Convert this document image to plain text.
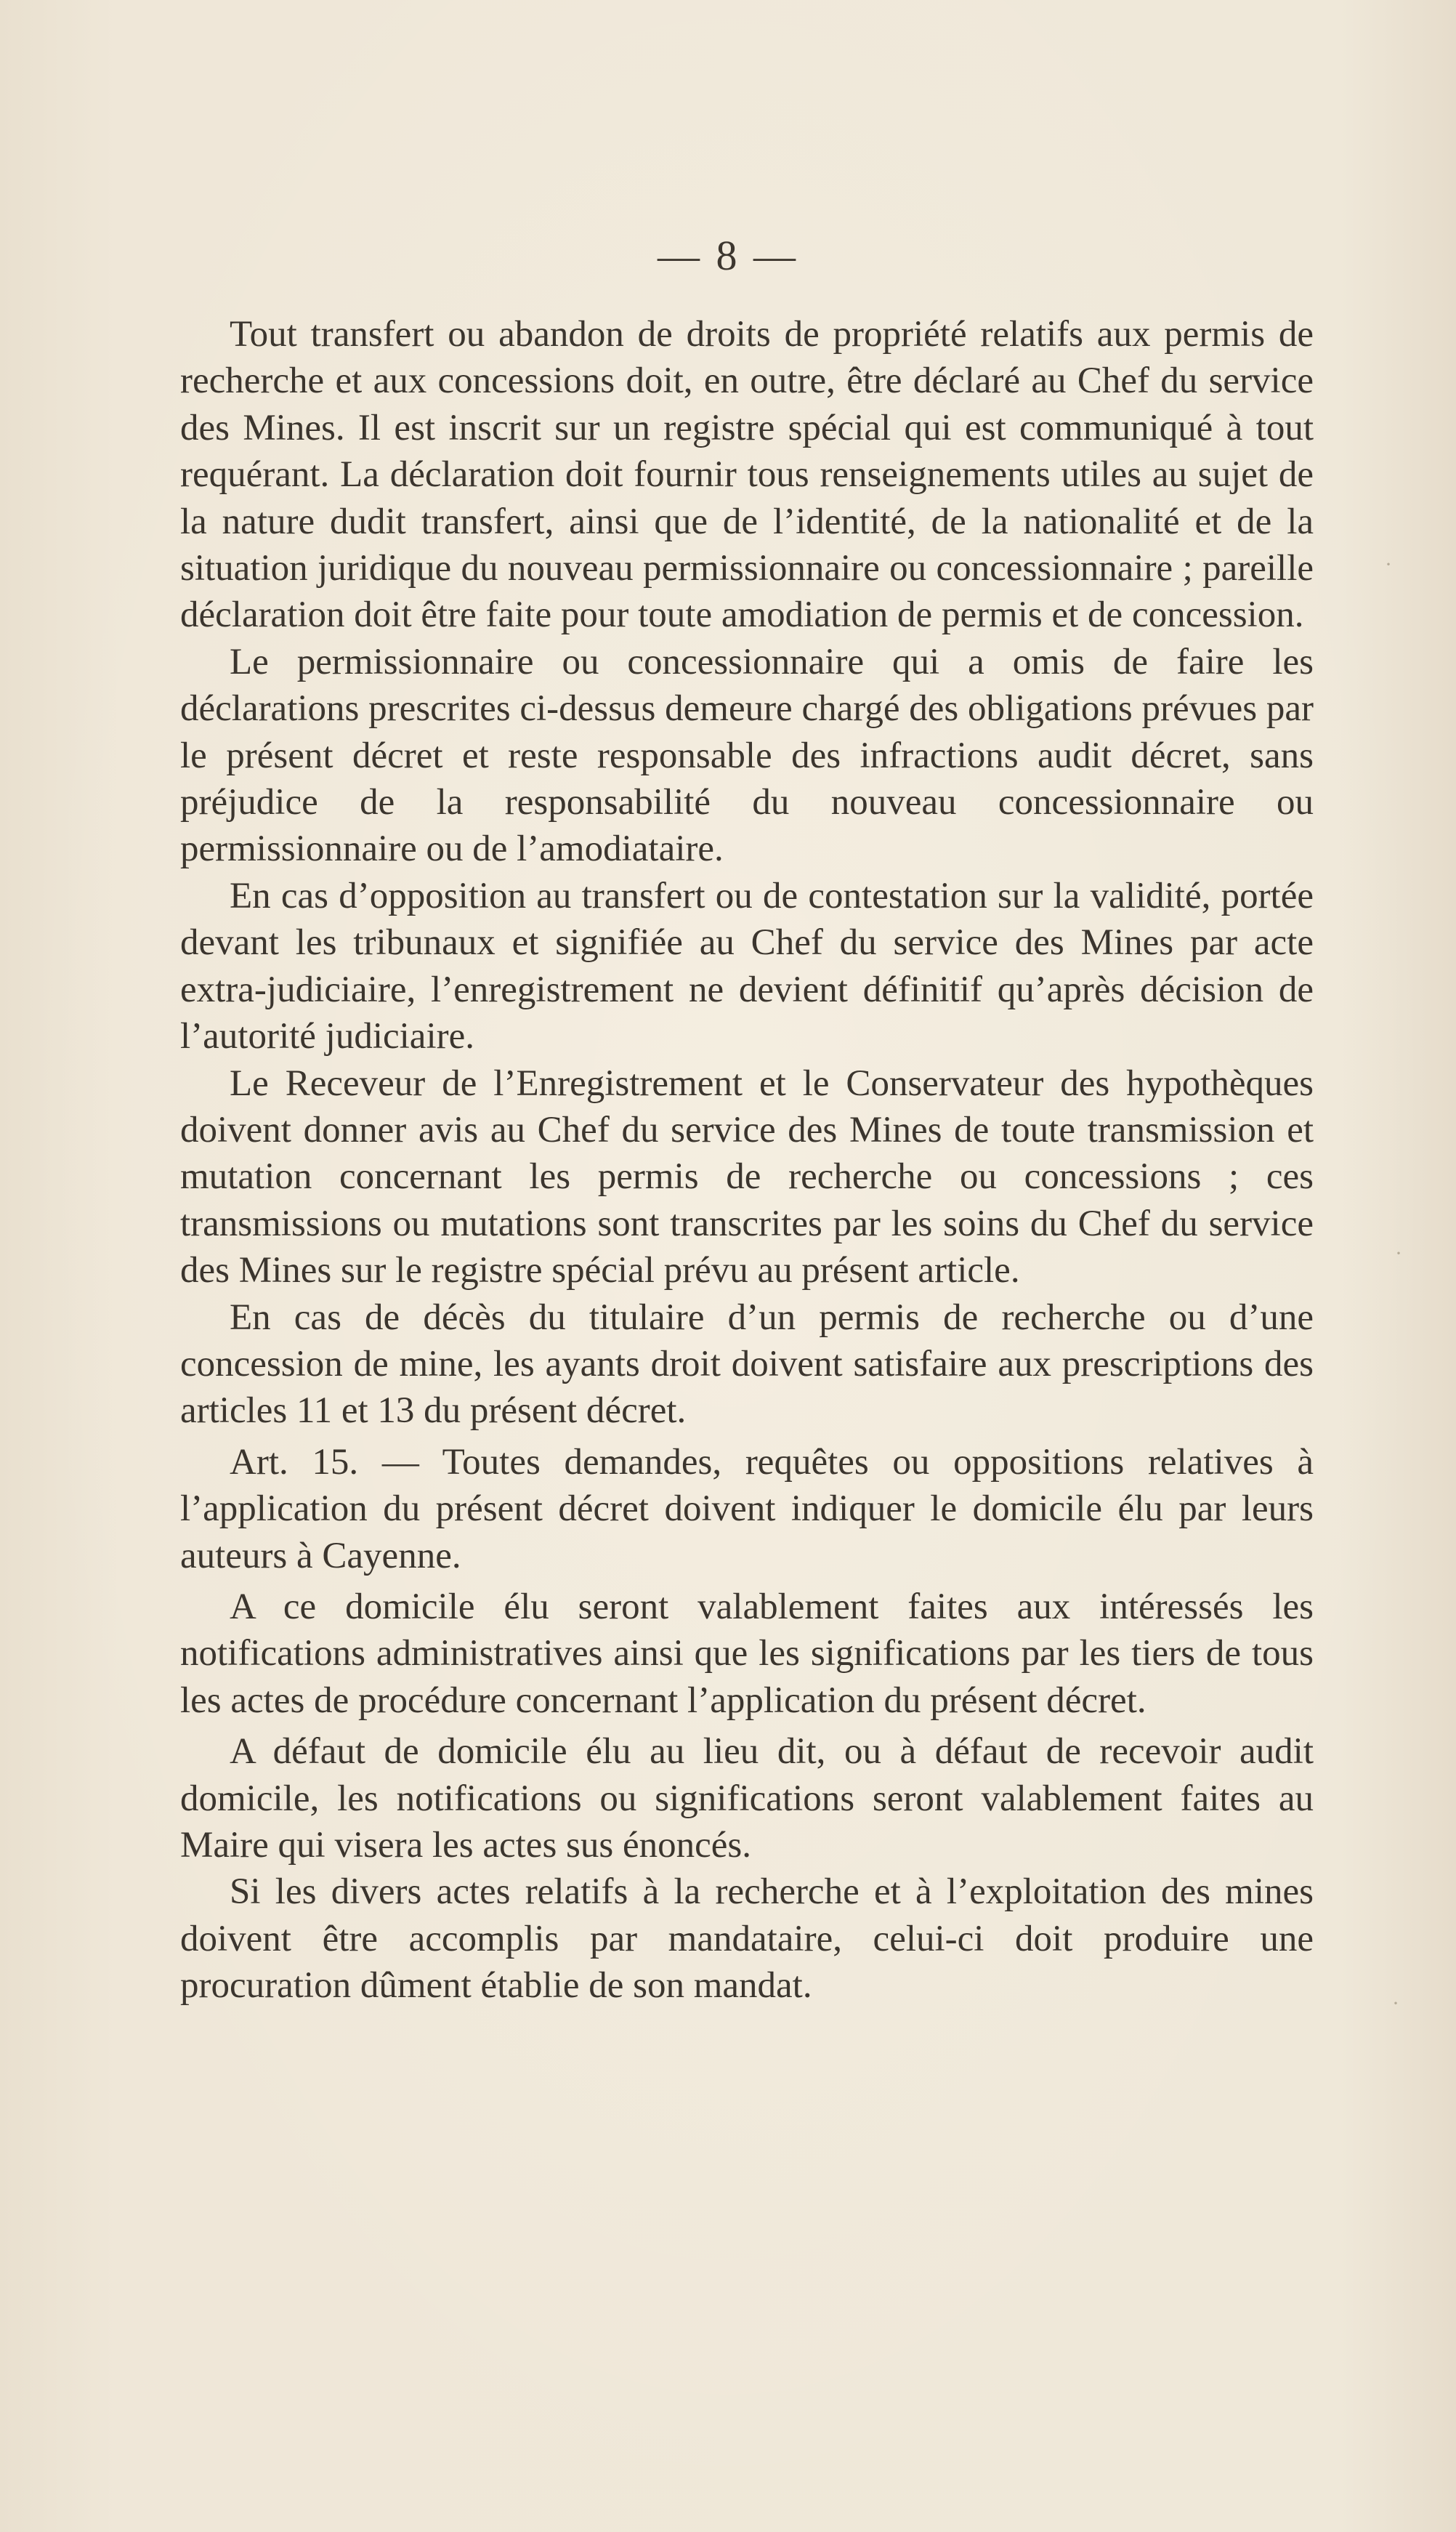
— 8 —

Tout transfert ou abandon de droits de propriété relatifs aux permis de recherche et aux concessions doit, en outre, être déclaré au Chef du service des Mines. Il est inscrit sur un registre spécial qui est communiqué à tout requérant. La déclaration doit fournir tous renseignements utiles au sujet de la nature dudit transfert, ainsi que de l’identité, de la nationalité et de la situation juridique du nouveau permissionnaire ou concessionnaire ; pareille déclaration doit être faite pour toute amodiation de permis et de concession.

Le permissionnaire ou concessionnaire qui a omis de faire les déclarations prescrites ci-dessus demeure chargé des obligations prévues par le présent décret et reste responsable des infractions audit décret, sans préjudice de la responsabilité du nouveau concessionnaire ou permissionnaire ou de l’amodiataire.

En cas d’opposition au transfert ou de contestation sur la validité, portée devant les tribunaux et signifiée au Chef du service des Mines par acte extra-judiciaire, l’enregistrement ne devient définitif qu’après décision de l’autorité judiciaire.

Le Receveur de l’Enregistrement et le Conservateur des hypothèques doivent donner avis au Chef du service des Mines de toute transmission et mutation concernant les permis de recherche ou concessions ; ces transmissions ou mutations sont transcrites par les soins du Chef du service des Mines sur le registre spécial prévu au présent article.

En cas de décès du titulaire d’un permis de recherche ou d’une concession de mine, les ayants droit doivent satisfaire aux prescriptions des articles 11 et 13 du présent décret.

Art. 15. — Toutes demandes, requêtes ou oppositions relatives à l’application du présent décret doivent indiquer le domicile élu par leurs auteurs à Cayenne.

A ce domicile élu seront valablement faites aux intéressés les notifications administratives ainsi que les significations par les tiers de tous les actes de procédure concernant l’application du présent décret.

A défaut de domicile élu au lieu dit, ou à défaut de recevoir audit domicile, les notifications ou significations seront valablement faites au Maire qui visera les actes sus énoncés.

Si les divers actes relatifs à la recherche et à l’exploitation des mines doivent être accomplis par mandataire, celui-ci doit produire une procuration dûment établie de son mandat.

·
·
·
